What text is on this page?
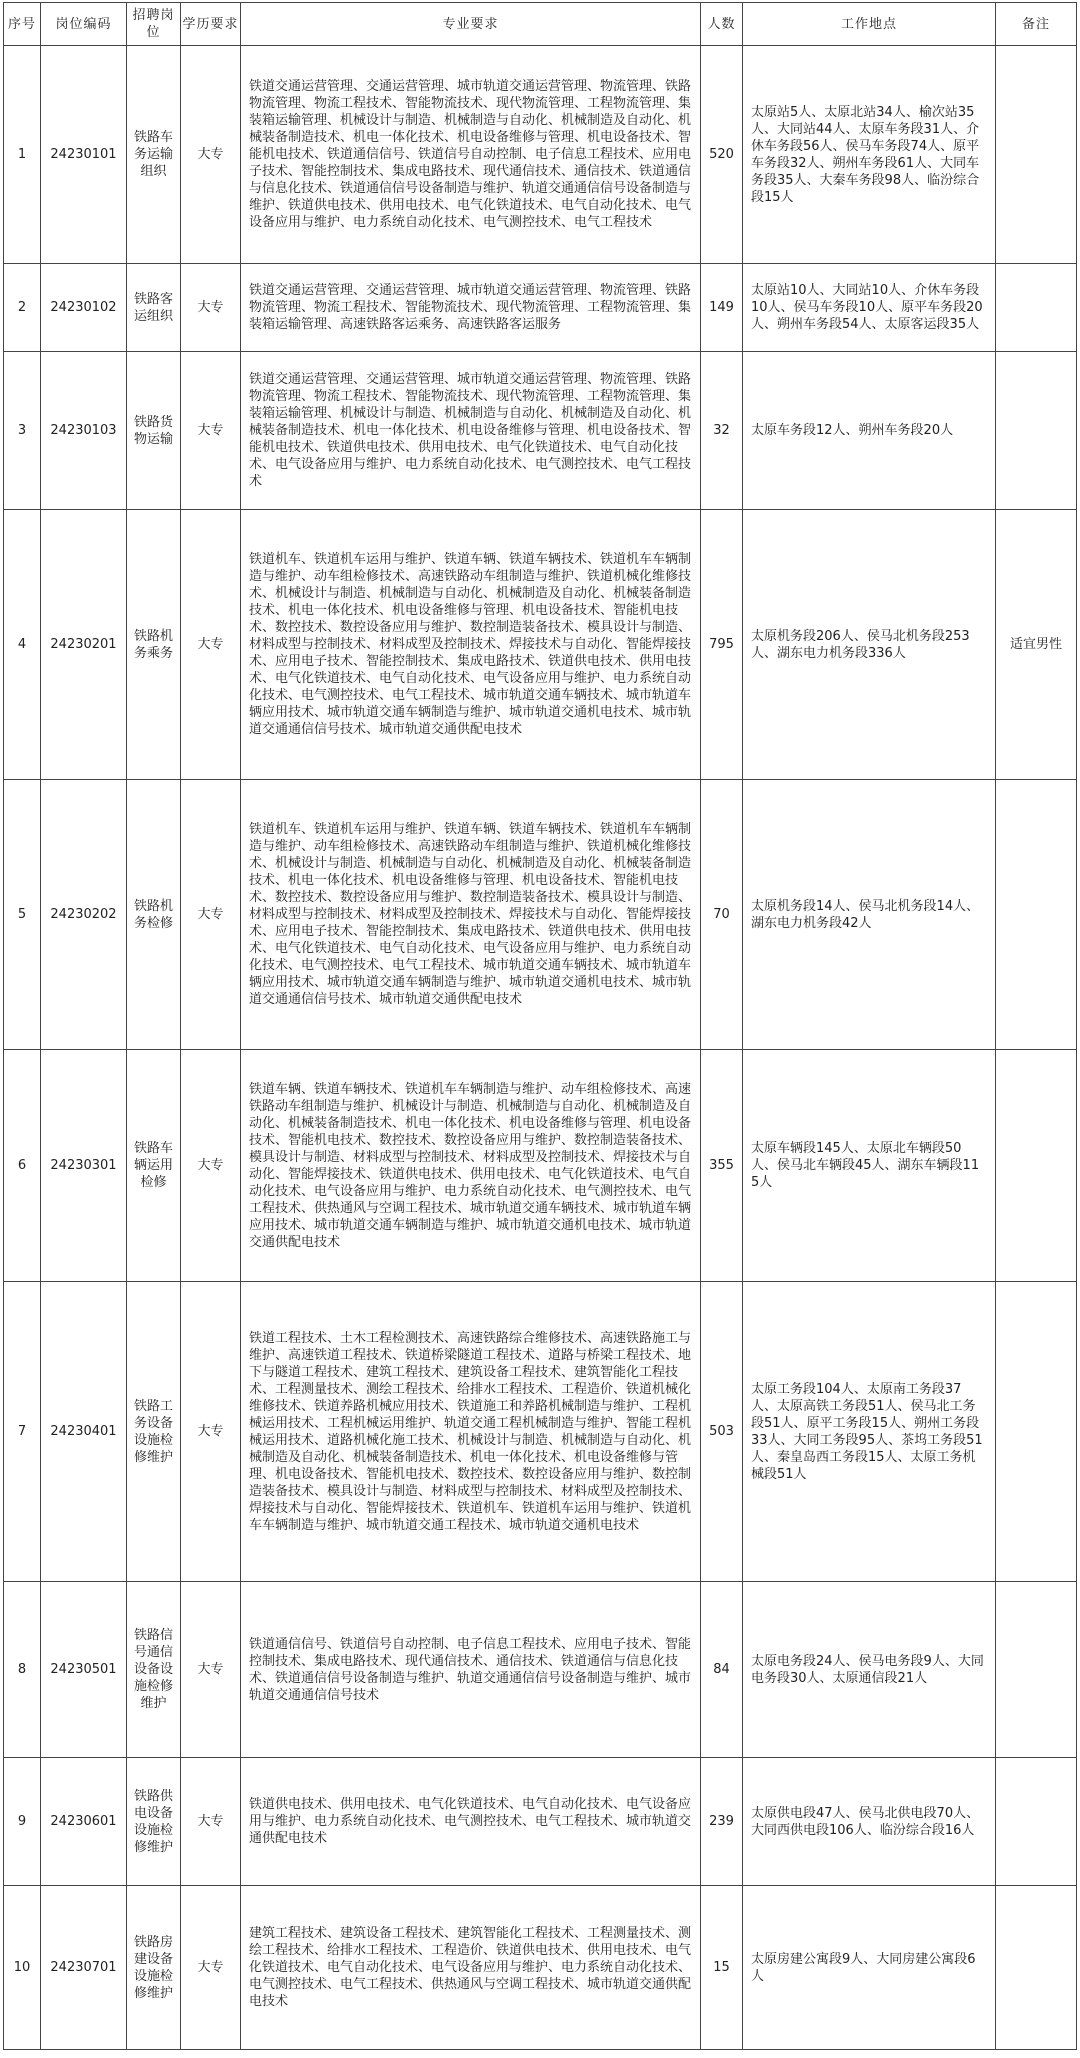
序号	岗位编码	招聘岗位	学历要求	专业要求	人数	工作地点	备注
1	24230101	铁路车务运输组织	大专	铁道交通运营管理、交通运营管理、城市轨道交通运营管理、物流管理、铁路物流管理、物流工程技术、智能物流技术、现代物流管理、工程物流管理、集装箱运输管理、机械设计与制造、机械制造与自动化、机械制造及自动化、机械装备制造技术、机电一体化技术、机电设备维修与管理、机电设备技术、智能机电技术、铁道通信信号、铁道信号自动控制、电子信息工程技术、应用电子技术、智能控制技术、集成电路技术、现代通信技术、通信技术、铁道通信与信息化技术、铁道通信信号设备制造与维护、轨道交通通信信号设备制造与维护、铁道供电技术、供用电技术、电气化铁道技术、电气自动化技术、电气设备应用与维护、电力系统自动化技术、电气测控技术、电气工程技术	520	太原站5人、太原北站34人、榆次站35人、大同站44人、太原车务段31人、介休车务段56人、侯马车务段74人、原平车务段32人、朔州车务段61人、大同车务段35人、大秦车务段98人、临汾综合段15人	
2	24230102	铁路客运组织	大专	铁道交通运营管理、交通运营管理、城市轨道交通运营管理、物流管理、铁路物流管理、物流工程技术、智能物流技术、现代物流管理、工程物流管理、集装箱运输管理、高速铁路客运乘务、高速铁路客运服务	149	太原站10人、大同站10人、介休车务段10人、侯马车务段10人、原平车务段20人、朔州车务段54人、太原客运段35人	
3	24230103	铁路货物运输	大专	铁道交通运营管理、交通运营管理、城市轨道交通运营管理、物流管理、铁路物流管理、物流工程技术、智能物流技术、现代物流管理、工程物流管理、集装箱运输管理、机械设计与制造、机械制造与自动化、机械制造及自动化、机械装备制造技术、机电一体化技术、机电设备维修与管理、机电设备技术、智能机电技术、铁道供电技术、供用电技术、电气化铁道技术、电气自动化技术、电气设备应用与维护、电力系统自动化技术、电气测控技术、电气工程技术	32	太原车务段12人、朔州车务段20人	
4	24230201	铁路机务乘务	大专	铁道机车、铁道机车运用与维护、铁道车辆、铁道车辆技术、铁道机车车辆制造与维护、动车组检修技术、高速铁路动车组制造与维护、铁道机械化维修技术、机械设计与制造、机械制造与自动化、机械制造及自动化、机械装备制造技术、机电一体化技术、机电设备维修与管理、机电设备技术、智能机电技术、数控技术、数控设备应用与维护、数控制造装备技术、模具设计与制造、材料成型与控制技术、材料成型及控制技术、焊接技术与自动化、智能焊接技术、应用电子技术、智能控制技术、集成电路技术、铁道供电技术、供用电技术、电气化铁道技术、电气自动化技术、电气设备应用与维护、电力系统自动化技术、电气测控技术、电气工程技术、城市轨道交通车辆技术、城市轨道车辆应用技术、城市轨道交通车辆制造与维护、城市轨道交通机电技术、城市轨道交通通信信号技术、城市轨道交通供配电技术	795	太原机务段206人、侯马北机务段253人、湖东电力机务段336人	适宜男性
5	24230202	铁路机务检修	大专	铁道机车、铁道机车运用与维护、铁道车辆、铁道车辆技术、铁道机车车辆制造与维护、动车组检修技术、高速铁路动车组制造与维护、铁道机械化维修技术、机械设计与制造、机械制造与自动化、机械制造及自动化、机械装备制造技术、机电一体化技术、机电设备维修与管理、机电设备技术、智能机电技术、数控技术、数控设备应用与维护、数控制造装备技术、模具设计与制造、材料成型与控制技术、材料成型及控制技术、焊接技术与自动化、智能焊接技术、应用电子技术、智能控制技术、集成电路技术、铁道供电技术、供用电技术、电气化铁道技术、电气自动化技术、电气设备应用与维护、电力系统自动化技术、电气测控技术、电气工程技术、城市轨道交通车辆技术、城市轨道车辆应用技术、城市轨道交通车辆制造与维护、城市轨道交通机电技术、城市轨道交通通信信号技术、城市轨道交通供配电技术	70	太原机务段14人、侯马北机务段14人、湖东电力机务段42人	
6	24230301	铁路车辆运用检修	大专	铁道车辆、铁道车辆技术、铁道机车车辆制造与维护、动车组检修技术、高速铁路动车组制造与维护、机械设计与制造、机械制造与自动化、机械制造及自动化、机械装备制造技术、机电一体化技术、机电设备维修与管理、机电设备技术、智能机电技术、数控技术、数控设备应用与维护、数控制造装备技术、模具设计与制造、材料成型与控制技术、材料成型及控制技术、焊接技术与自动化、智能焊接技术、铁道供电技术、供用电技术、电气化铁道技术、电气自动化技术、电气设备应用与维护、电力系统自动化技术、电气测控技术、电气工程技术、供热通风与空调工程技术、城市轨道交通车辆技术、城市轨道车辆应用技术、城市轨道交通车辆制造与维护、城市轨道交通机电技术、城市轨道交通供配电技术	355	太原车辆段145人、太原北车辆段50人、侯马北车辆段45人、湖东车辆段115人	
7	24230401	铁路工务设备设施检修维护	大专	铁道工程技术、土木工程检测技术、高速铁路综合维修技术、高速铁路施工与维护、高速铁道工程技术、铁道桥梁隧道工程技术、道路与桥梁工程技术、地下与隧道工程技术、建筑工程技术、建筑设备工程技术、建筑智能化工程技术、工程测量技术、测绘工程技术、给排水工程技术、工程造价、铁道机械化维修技术、铁道养路机械应用技术、铁道施工和养路机械制造与维护、工程机械运用技术、工程机械运用维护、轨道交通工程机械制造与维护、智能工程机械运用技术、道路机械化施工技术、机械设计与制造、机械制造与自动化、机械制造及自动化、机械装备制造技术、机电一体化技术、机电设备维修与管理、机电设备技术、智能机电技术、数控技术、数控设备应用与维护、数控制造装备技术、模具设计与制造、材料成型与控制技术、材料成型及控制技术、焊接技术与自动化、智能焊接技术、铁道机车、铁道机车运用与维护、铁道机车车辆制造与维护、城市轨道交通工程技术、城市轨道交通机电技术	503	太原工务段104人、太原南工务段37人、太原高铁工务段51人、侯马北工务段51人、原平工务段15人、朔州工务段33人、大同工务段95人、茶坞工务段51人、秦皇岛西工务段15人、太原工务机械段51人	
8	24230501	铁路信号通信设备设施检修维护	大专	铁道通信信号、铁道信号自动控制、电子信息工程技术、应用电子技术、智能控制技术、集成电路技术、现代通信技术、通信技术、铁道通信与信息化技术、铁道通信信号设备制造与维护、轨道交通通信信号设备制造与维护、城市轨道交通通信信号技术	84	太原电务段24人、侯马电务段9人、大同电务段30人、太原通信段21人	
9	24230601	铁路供电设备设施检修维护	大专	铁道供电技术、供用电技术、电气化铁道技术、电气自动化技术、电气设备应用与维护、电力系统自动化技术、电气测控技术、电气工程技术、城市轨道交通供配电技术	239	太原供电段47人、侯马北供电段70人、大同西供电段106人、临汾综合段16人	
10	24230701	铁路房建设备设施检修维护	大专	建筑工程技术、建筑设备工程技术、建筑智能化工程技术、工程测量技术、测绘工程技术、给排水工程技术、工程造价、铁道供电技术、供用电技术、电气化铁道技术、电气自动化技术、电气设备应用与维护、电力系统自动化技术、电气测控技术、电气工程技术、供热通风与空调工程技术、城市轨道交通供配电技术	15	太原房建公寓段9人、大同房建公寓段6人	
